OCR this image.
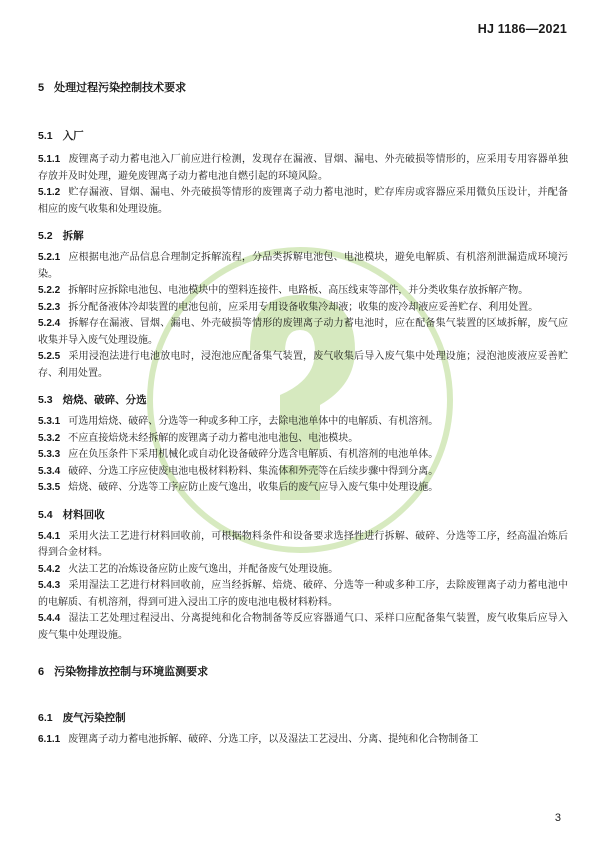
HJ 1186—2021

5 处理过程污染控制技术要求

5.1 入厂

5.1.1 废锂离子动力蓄电池入厂前应进行检测，发现存在漏液、冒烟、漏电、外壳破损等情形的，应采用专用容器单独存放并及时处理，避免废锂离子动力蓄电池自燃引起的环境风险。

5.1.2 贮存漏液、冒烟、漏电、外壳破损等情形的废锂离子动力蓄电池时，贮存库房或容器应采用微负压设计，并配备相应的废气收集和处理设施。

5.2 拆解

5.2.1 应根据电池产品信息合理制定拆解流程，分品类拆解电池包、电池模块，避免电解质、有机溶剂泄漏造成环境污染。

5.2.2 拆解时应拆除电池包、电池模块中的塑料连接件、电路板、高压线束等部件，并分类收集存放拆解产物。

5.2.3 拆分配备液体冷却装置的电池包前，应采用专用设备收集冷却液；收集的废冷却液应妥善贮存、利用处置。

5.2.4 拆解存在漏液、冒烟、漏电、外壳破损等情形的废锂离子动力蓄电池时，应在配备集气装置的区域拆解，废气应收集并导入废气处理设施。

5.2.5 采用浸泡法进行电池放电时，浸泡池应配备集气装置，废气收集后导入废气集中处理设施；浸泡池废液应妥善贮存、利用处置。

5.3 焙烧、破碎、分选

5.3.1 可选用焙烧、破碎、分选等一种或多种工序，去除电池单体中的电解质、有机溶剂。

5.3.2 不应直接焙烧未经拆解的废锂离子动力蓄电池电池包、电池模块。

5.3.3 应在负压条件下采用机械化或自动化设备破碎分选含电解质、有机溶剂的电池单体。

5.3.4 破碎、分选工序应使废电池电极材料粉料、集流体和外壳等在后续步骤中得到分离。

5.3.5 焙烧、破碎、分选等工序应防止废气逸出，收集后的废气应导入废气集中处理设施。

5.4 材料回收

5.4.1 采用火法工艺进行材料回收前，可根据物料条件和设备要求选择性进行拆解、破碎、分选等工序，经高温冶炼后得到合金材料。

5.4.2 火法工艺的冶炼设备应防止废气逸出，并配备废气处理设施。

5.4.3 采用湿法工艺进行材料回收前，应当经拆解、焙烧、破碎、分选等一种或多种工序，去除废锂离子动力蓄电池中的电解质、有机溶剂，得到可进入浸出工序的废电池电极材料粉料。

5.4.4 湿法工艺处理过程浸出、分离提纯和化合物制备等反应容器通气口、采样口应配备集气装置，废气收集后应导入废气集中处理设施。

6 污染物排放控制与环境监测要求

6.1 废气污染控制

6.1.1 废锂离子动力蓄电池拆解、破碎、分选工序，以及湿法工艺浸出、分离、提纯和化合物制备工

3
